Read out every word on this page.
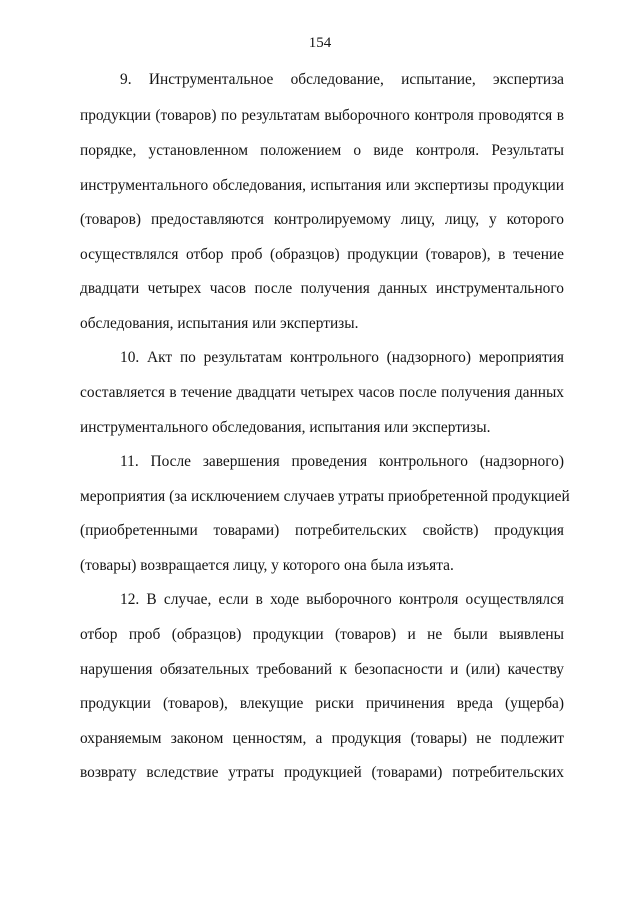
154
9. Инструментальное обследование, испытание, экспертиза
продукции (товаров) по результатам выборочного контроля проводятся в
порядке, установленном положением о виде контроля. Результаты
инструментального обследования, испытания или экспертизы продукции
(товаров) предоставляются контролируемому лицу, лицу, у которого
осуществлялся отбор проб (образцов) продукции (товаров), в течение
двадцати четырех часов после получения данных инструментального
обследования, испытания или экспертизы.
10. Акт по результатам контрольного (надзорного) мероприятия
составляется в течение двадцати четырех часов после получения данных
инструментального обследования, испытания или экспертизы.
11. После завершения проведения контрольного (надзорного)
мероприятия (за исключением случаев утраты приобретенной продукцией
(приобретенными товарами) потребительских свойств) продукция
(товары) возвращается лицу, у которого она была изъята.
12. В случае, если в ходе выборочного контроля осуществлялся
отбор проб (образцов) продукции (товаров) и не были выявлены
нарушения обязательных требований к безопасности и (или) качеству
продукции (товаров), влекущие риски причинения вреда (ущерба)
охраняемым законом ценностям, а продукция (товары) не подлежит
возврату вследствие утраты продукцией (товарами) потребительских
